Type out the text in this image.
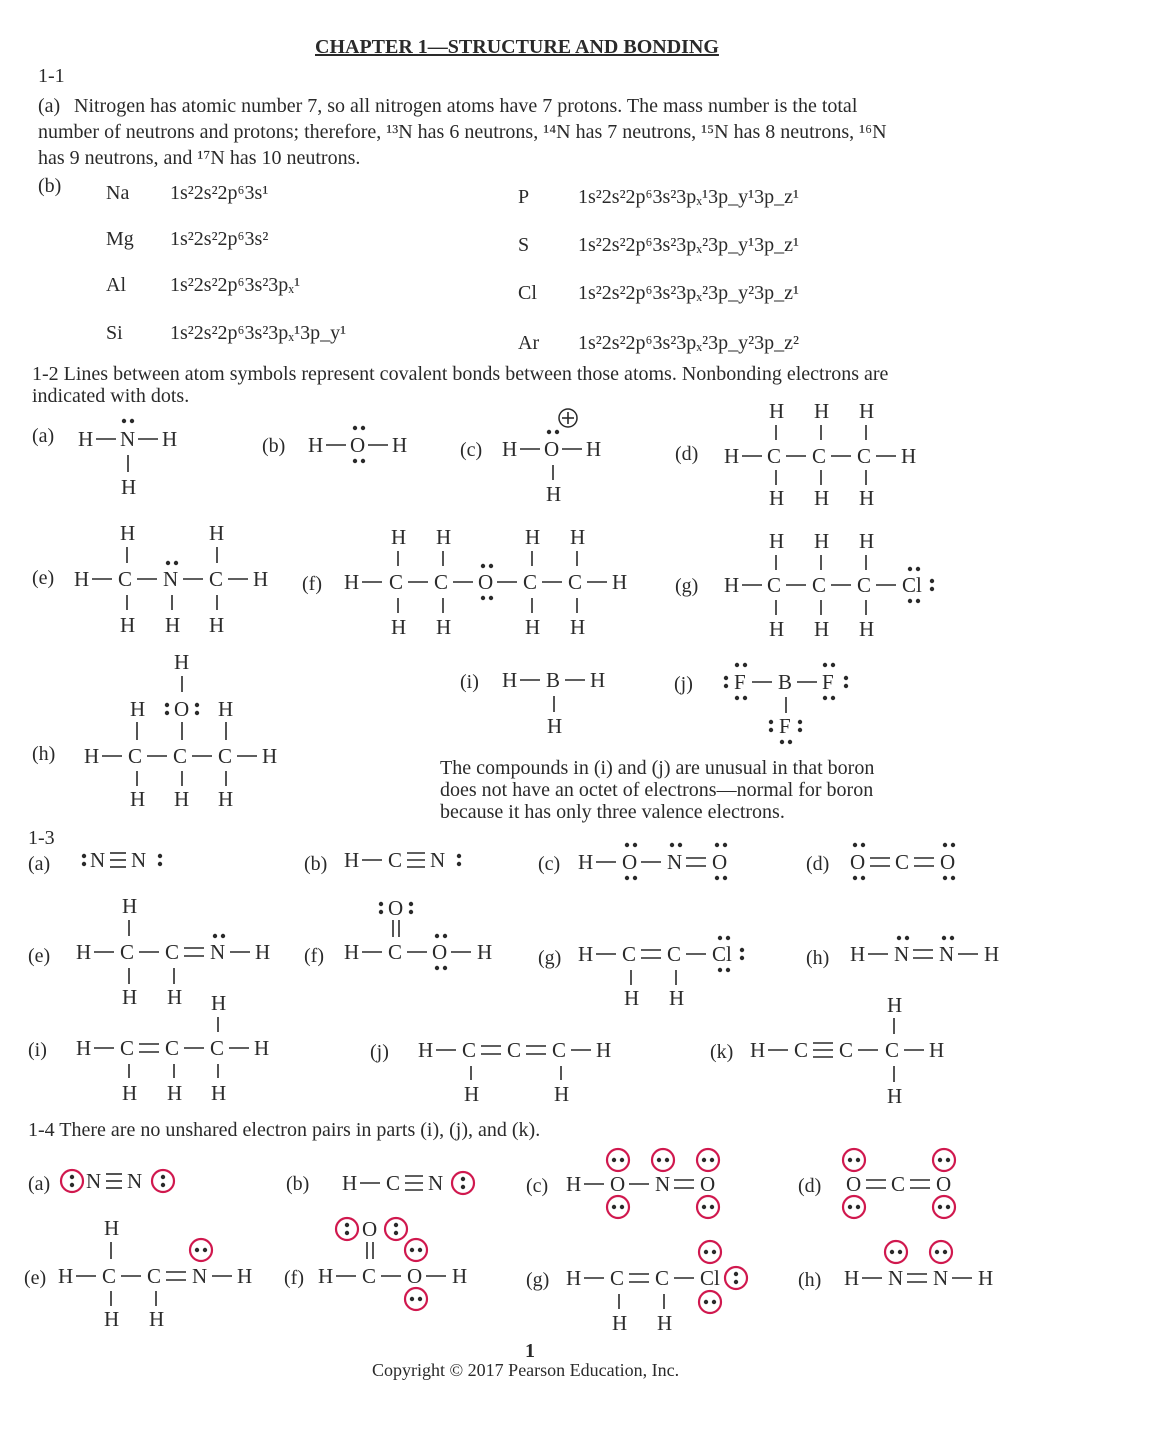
CHAPTER 1—STRUCTURE AND BONDING
1-1
(a) Nitrogen has atomic number 7, so all nitrogen atoms have 7 protons. The mass number is the total
number of neutrons and protons; therefore, ¹³N has 6 neutrons, ¹⁴N has 7 neutrons, ¹⁵N has 8 neutrons, ¹⁶N
has 9 neutrons, and ¹⁷N has 10 neutrons.
(b) Na 1s²2s²2p⁶3s¹
Mg 1s²2s²2p⁶3s²
Al 1s²2s²2p⁶3s²3pₓ¹
Si 1s²2s²2p⁶3s²3pₓ¹3p_y¹
P 1s²2s²2p⁶3s²3pₓ¹3p_y¹3p_z¹
S 1s²2s²2p⁶3s²3pₓ²3p_y¹3p_z¹
Cl 1s²2s²2p⁶3s²3pₓ²3p_y²3p_z¹
Ar 1s²2s²2p⁶3s²3pₓ²3p_y²3p_z²
1-2 Lines between atom symbols represent covalent bonds between those atoms. Nonbonding electrons are
indicated with dots.
(a)	(b)	(c)	(d)
(e)	(f)	(g)
(h)
(i)	(j)
The compounds in (i) and (j) are unusual in that boron
does not have an octet of electrons—normal for boron
because it has only three valence electrons.
1-3
(a)	(b)	(c)	(d)
(e)	(f)	(g)	(h)
(i)	(j)	(k)
1-4 There are no unshared electron pairs in parts (i), (j), and (k).
(a)	(b)	(c)	(d)
(e)	(f)	(g)	(h)
1
Copyright © 2017 Pearson Education, Inc.
H N H
H
H O H	H O H
H
H C C C H
H H H
H H H
H C N C H
H	H
H H H
H C C O C C H
H H	H H
H H	H H
H C C C Cl
H H H
H H H
H C C C H
H
O
H	H
H H H
H B H
H
F B F
F
N N	H C N	H O N O	O C O
H C C N H
H
H H
H C O H
O
H C C Cl
H H
H N N H
H C C C H
H
H H H
H C C C H
H	H
H C C C H
H
H
N N	H C N	H O N O	O C O
H C C N H
H
H H
H C O H
O
H C C Cl
H H
H N N H
